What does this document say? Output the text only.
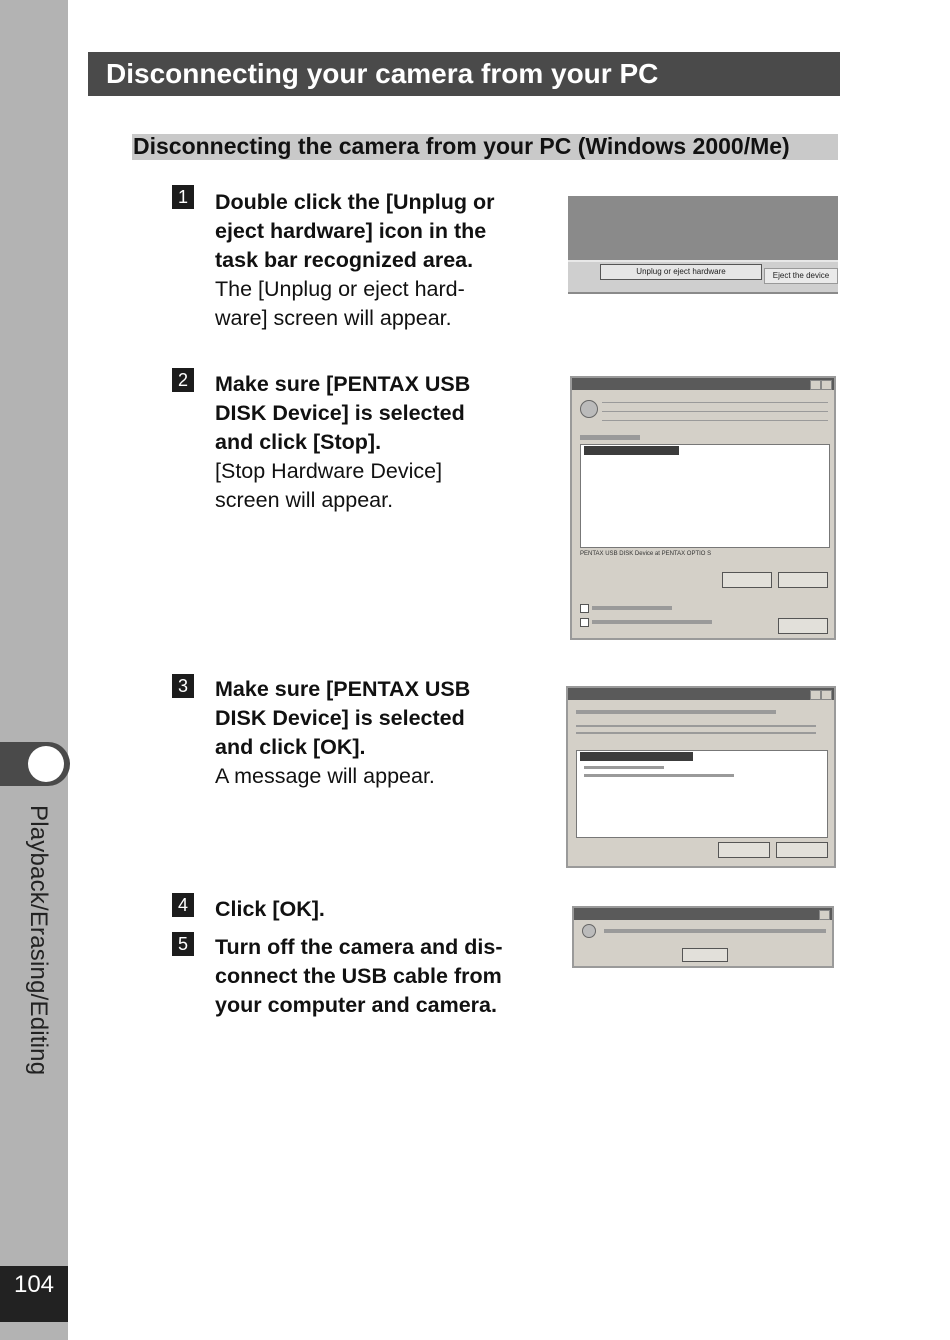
Playback/Erasing/Editing
104
Disconnecting your camera from your PC
Disconnecting the camera from your PC (Windows 2000/Me)
1 Double click the [Unplug or
eject hardware] icon in the
task bar recognized area.
The [Unplug or eject hard-
ware] screen will appear.
2 Make sure [PENTAX USB
DISK Device] is selected
and click [Stop].
[Stop Hardware Device]
screen will appear.
3 Make sure [PENTAX USB
DISK Device] is selected
and click [OK].
A message will appear.
4 Click [OK].
5 Turn off the camera and dis-
connect the USB cable from
your computer and camera.
Unplug or eject hardware	Eject the device
PENTAX USB DISK Device at PENTAX OPTIO S
